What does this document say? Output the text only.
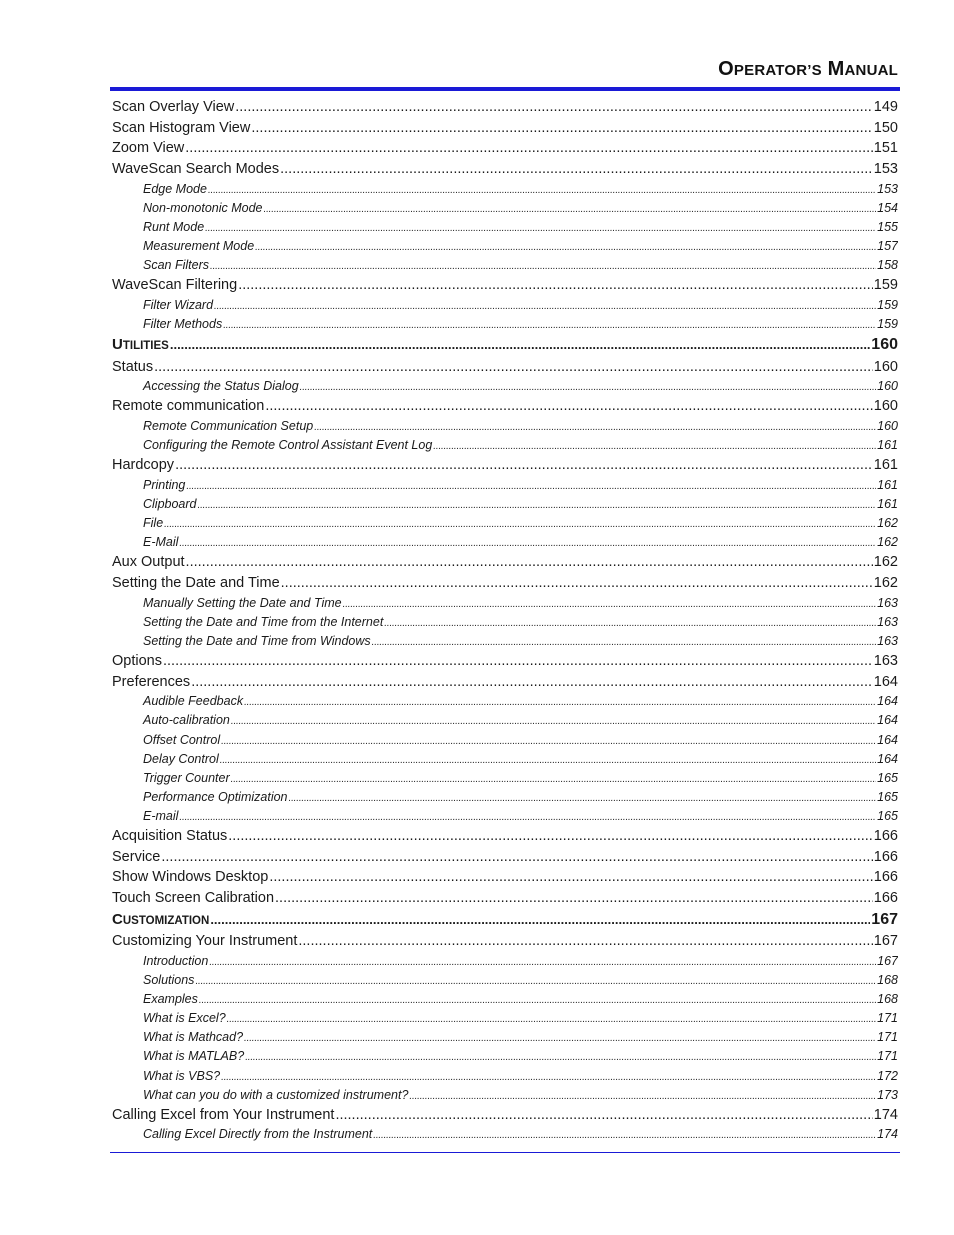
OPERATOR’S MANUAL
Scan Overlay View .....	149
Scan Histogram View .....	150
Zoom View .....	151
WaveScan Search Modes .....	153
Edge Mode .....	153
Non-monotonic Mode .....	154
Runt Mode .....	155
Measurement Mode .....	157
Scan Filters .....	158
WaveScan Filtering .....	159
Filter Wizard .....	159
Filter Methods .....	159
UTILITIES .....	160
Status .....	160
Accessing the Status Dialog .....	160
Remote communication .....	160
Remote Communication Setup .....	160
Configuring the Remote Control Assistant Event Log .....	161
Hardcopy .....	161
Printing .....	161
Clipboard .....	161
File .....	162
E-Mail .....	162
Aux Output .....	162
Setting the Date and Time .....	162
Manually Setting the Date and Time .....	163
Setting the Date and Time from the Internet .....	163
Setting the Date and Time from Windows .....	163
Options .....	163
Preferences .....	164
Audible Feedback .....	164
Auto-calibration .....	164
Offset Control .....	164
Delay Control .....	164
Trigger Counter .....	165
Performance Optimization .....	165
E-mail .....	165
Acquisition Status .....	166
Service .....	166
Show Windows Desktop .....	166
Touch Screen Calibration .....	166
CUSTOMIZATION .....	167
Customizing Your Instrument .....	167
Introduction .....	167
Solutions .....	168
Examples .....	168
What is Excel? .....	171
What is Mathcad? .....	171
What is MATLAB? .....	171
What is VBS? .....	172
What can you do with a customized instrument? .....	173
Calling Excel from Your Instrument .....	174
Calling Excel Directly from the Instrument .....	174
